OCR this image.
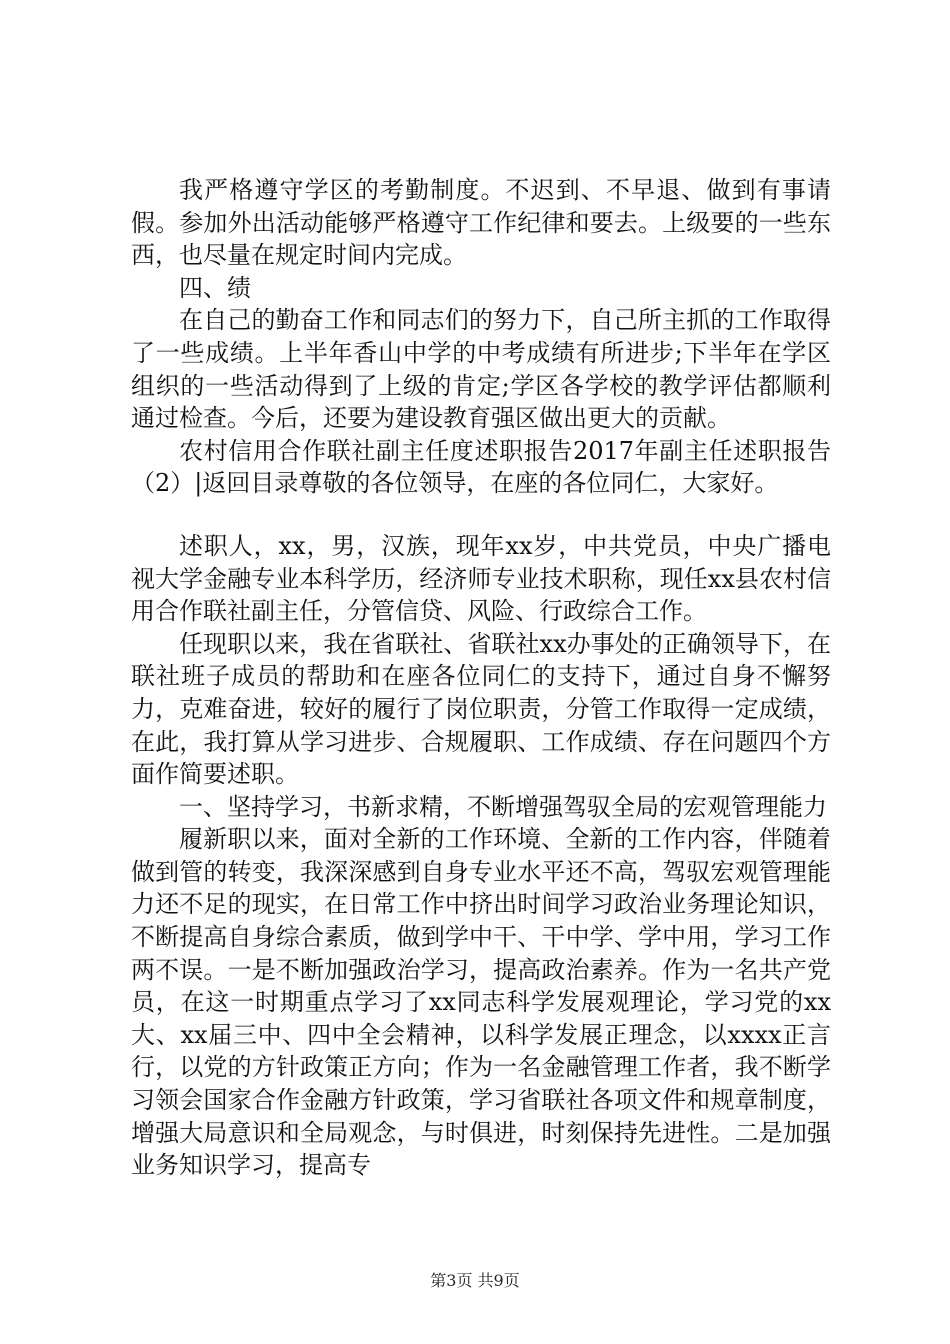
我严格遵守学区的考勤制度。不迟到、不早退、做到有事请假。参加外出活动能够严格遵守工作纪律和要去。上级要的一些东西，也尽量在规定时间内完成。

四、绩

在自己的勤奋工作和同志们的努力下，自己所主抓的工作取得了一些成绩。上半年香山中学的中考成绩有所进步;下半年在学区组织的一些活动得到了上级的肯定;学区各学校的教学评估都顺利通过检查。今后，还要为建设教育强区做出更大的贡献。

农村信用合作联社副主任度述职报告2017年副主任述职报告（2）|返回目录尊敬的各位领导，在座的各位同仁，大家好。

述职人，xx，男，汉族，现年xx岁，中共党员，中央广播电视大学金融专业本科学历，经济师专业技术职称，现任xx县农村信用合作联社副主任，分管信贷、风险、行政综合工作。

任现职以来，我在省联社、省联社xx办事处的正确领导下，在联社班子成员的帮助和在座各位同仁的支持下，通过自身不懈努力，克难奋进，较好的履行了岗位职责，分管工作取得一定成绩，在此，我打算从学习进步、合规履职、工作成绩、存在问题四个方面作简要述职。

一、坚持学习，书新求精，不断增强驾驭全局的宏观管理能力

履新职以来，面对全新的工作环境、全新的工作内容，伴随着做到管的转变，我深深感到自身专业水平还不高，驾驭宏观管理能力还不足的现实，在日常工作中挤出时间学习政治业务理论知识，不断提高自身综合素质，做到学中干、干中学、学中用，学习工作两不误。一是不断加强政治学习，提高政治素养。作为一名共产党员，在这一时期重点学习了xx同志科学发展观理论，学习党的xx大、xx届三中、四中全会精神，以科学发展正理念，以xxxx正言行，以党的方针政策正方向；作为一名金融管理工作者，我不断学习领会国家合作金融方针政策，学习省联社各项文件和规章制度，增强大局意识和全局观念，与时俱进，时刻保持先进性。二是加强业务知识学习，提高专

第3页 共9页
